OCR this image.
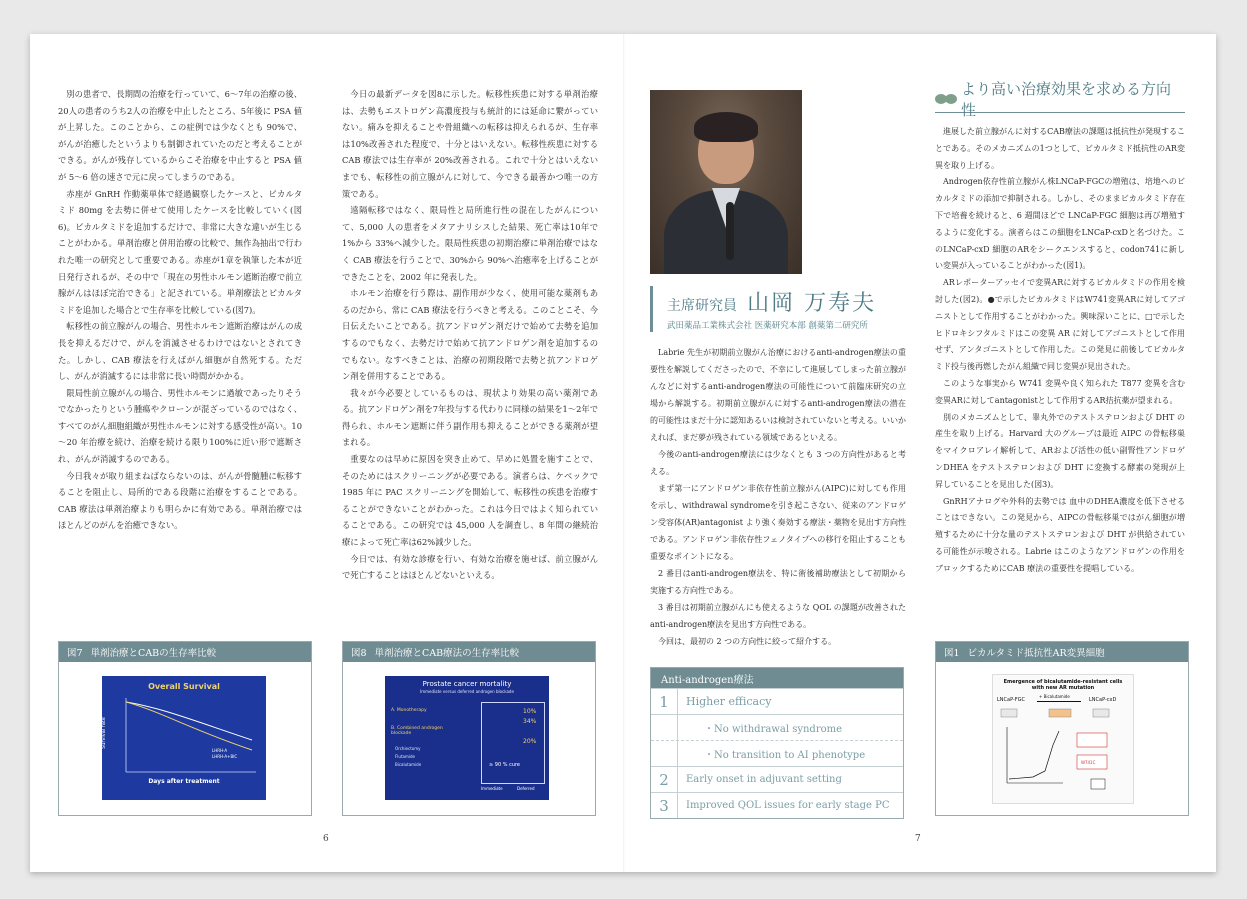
別の患者で、長期間の治療を行っていて、6～7年の治療の後、20人の患者のうち2人の治療を中止したところ、5年後に PSA 値が上昇した。このことから、この症例では少なくとも 90%で、がんが治癒したというよりも制御されていたのだと考えることができる。がんが残存しているからこそ治療を中止すると PSA 値が 5～6 倍の速さで元に戻ってしまうのである。

赤座が GnRH 作動薬単体で経過観察したケースと、ビカルタミド 80mg を去勢に併せて使用したケースを比較していく(図6)。ビカルタミドを追加するだけで、非常に大きな違いが生じることがわかる。単剤治療と併用治療の比較で、無作為抽出で行われた唯一の研究として重要である。赤座が1章を執筆した本が近日発行されるが、その中で「現在の男性ホルモン遮断治療で前立腺がんはほぼ完治できる」と記されている。単剤療法とビカルタミドを追加した場合とで生存率を比較している(図7)。

転移性の前立腺がんの場合、男性ホルモン遮断治療はがんの成長を抑えるだけで、がんを消滅させるわけではないとされてきた。しかし、CAB 療法を行えばがん細胞が自然死する。ただし、がんが消滅するには非常に長い時間がかかる。

限局性前立腺がんの場合、男性ホルモンに過敏であったりそうでなかったりという腫瘍やクローンが混ざっているのではなく、すべてのがん細胞組織が男性ホルモンに対する感受性が高い。10～20 年治療を続け、治療を続ける限り100%に近い形で遮断され、がんが消滅するのである。

今日我々が取り組まねばならないのは、がんが骨髄腫に転移することを阻止し、局所的である段階に治療をすることである。CAB 療法は単剤治療よりも明らかに有効である。単剤治療ではほとんどのがんを治癒できない。

今日の最新データを図8に示した。転移性疾患に対する単剤治療は、去勢もエストロゲン高濃度投与も統計的には延命に繋がっていない。痛みを抑えることや骨組織への転移は抑えられるが、生存率は10%改善された程度で、十分とはいえない。転移性疾患に対する CAB 療法では生存率が 20%改善される。これで十分とはいえないまでも、転移性の前立腺がんに対して、今できる最善かつ唯一の方策である。

遠隔転移ではなく、限局性と局所進行性の混在したがんについて、5,000 人の患者をメタアナリシスした結果、死亡率は10年で 1%から 33%へ減少した。限局性疾患の初期治療に単剤治療ではなく CAB 療法を行うことで、30%から 90%へ治癒率を上げることができたことを、2002 年に発表した。

ホルモン治療を行う際は、副作用が少なく、使用可能な薬剤もあるのだから、常に CAB 療法を行うべきと考える。このことこそ、今日伝えたいことである。抗アンドロゲン剤だけで始めて去勢を追加するのでもなく、去勢だけで始めて抗アンドロゲン剤を追加するのでもない。なすべきことは、治療の初期段階で去勢と抗アンドロゲン剤を併用することである。

我々が今必要としているものは、現状より効果の高い薬剤である。抗アンドロゲン剤を7年投与する代わりに同様の結果を1～2年で得られ、ホルモン遮断に伴う副作用も抑えることができる薬剤が望まれる。

重要なのは早めに原因を突き止めて、早めに処置を施すことで、そのためにはスクリーニングが必要である。演者らは、ケベックで 1985 年に PAC スクリーニングを開始して、転移性の疾患を治療することができないことがわかった。これは今日ではよく知られていることである。この研究では 45,000 人を調査し、8 年間の継続治療によって死亡率は62%減少した。

今日では、有効な診療を行い、有効な治療を施せば、前立腺がんで死亡することはほとんどないといえる。

図7 単剤治療とCABの生存率比較
Overall Survival
Survival rate
Days after treatment
LHRH-A
LHRH-A+BIC
図8 単剤治療とCAB療法の生存率比較
Prostate cancer mortality
Immediate versus deferred androgen blockade
A. Monotherapy
B. Combined androgen blockade
Orchiectomy
Flutamide
Bicalutamide
10%
34%
20%
≥ 90 % cure
Immediate	Deferred
6
主席研究員 山岡 万寿夫
武田薬品工業株式会社 医薬研究本部 創薬第二研究所

Labrie 先生が初期前立腺がん治療におけるanti-androgen療法の重要性を解説してくださったので、不幸にして進展してしまった前立腺がんなどに対するanti-androgen療法の可能性について前臨床研究の立場から解説する。初期前立腺がんに対するanti-androgen療法の潜在的可能性はまだ十分に認知あるいは検討されていないと考える。いいかえれば、まだ夢が残されている領域であるといえる。

今後のanti-androgen療法には少なくとも 3 つの方向性があると考える。

まず第一にアンドロゲン非依存性前立腺がん(AIPC)に対しても作用を示し、withdrawal syndromeを引き起こさない、従来のアンドロゲン受容体(AR)antagonist より強く奏効する療法・薬物を見出す方向性である。アンドロゲン非依存性フェノタイプへの移行を阻止することも重要なポイントになる。

2 番目はanti-androgen療法を、特に術後補助療法として初期から実施する方向性である。

3 番目は初期前立腺がんにも使えるような QOL の課題が改善されたanti-androgen療法を見出す方向性である。

今回は、最初の 2 つの方向性に絞って紹介する。

Anti-androgen療法
1	Higher efficacy
・No withdrawal syndrome
・No transition to AI phenotype
2	Early onset in adjuvant setting
3	Improved QOL issues for early stage PC
より高い治療効果を求める方向性

進展した前立腺がんに対するCAB療法の課題は抵抗性が発現することである。そのメカニズムの1つとして、ビカルタミド抵抗性のAR変異を取り上げる。

Androgen依存性前立腺がん株LNCaP-FGCの増殖は、培地へのビカルタミドの添加で抑制される。しかし、そのままビカルタミド存在下で培養を続けると、6 週間ほどで LNCaP-FGC 細胞は再び増殖するように変化する。演者らはこの細胞をLNCaP-cxDと名づけた。このLNCaP-cxD 細胞のARをシークエンスすると、codon741に新しい変異が入っていることがわかった(図1)。

ARレポーターアッセイで変異ARに対するビカルタミドの作用を検討した(図2)。●で示したビカルタミドはW741変異ARに対してアゴニストとして作用することがわかった。興味深いことに、□で示したヒドロキシフタルミドはこの変異 AR に対してアゴニストとして作用せず、アンタゴニストとして作用した。この発見に前後してビカルタミド投与後再燃したがん組織で同じ変異が見出された。

このような事実から W741 変異や良く知られた T877 変異を含む変異ARに対してantagonistとして作用するAR拮抗薬が望まれる。

別のメカニズムとして、睾丸外でのテストステロンおよび DHT の産生を取り上げる。Harvard 大のグループは最近 AIPC の骨転移巣をマイクロアレイ解析して、ARおよび活性の低い副腎性アンドロゲンDHEA をテストステロンおよび DHT に変換する酵素の発現が上昇していることを見出した(図3)。

GnRHアナログや外科的去勢では 血中のDHEA濃度を低下させることはできない。この発見から、AIPCの骨転移巣ではがん細胞が増殖するために十分な量のテストステロンおよび DHT が供給されている可能性が示唆される。Labrie はこのようなアンドロゲンの作用をブロックするためにCAB 療法の重要性を提唱している。

図1 ビカルタミド抵抗性AR変異細胞
Emergence of bicalutamide-resistant cells with new AR mutation
LNCaP-FGC
+ Bicalutamide
LNCaP-cxD
W741C
7
